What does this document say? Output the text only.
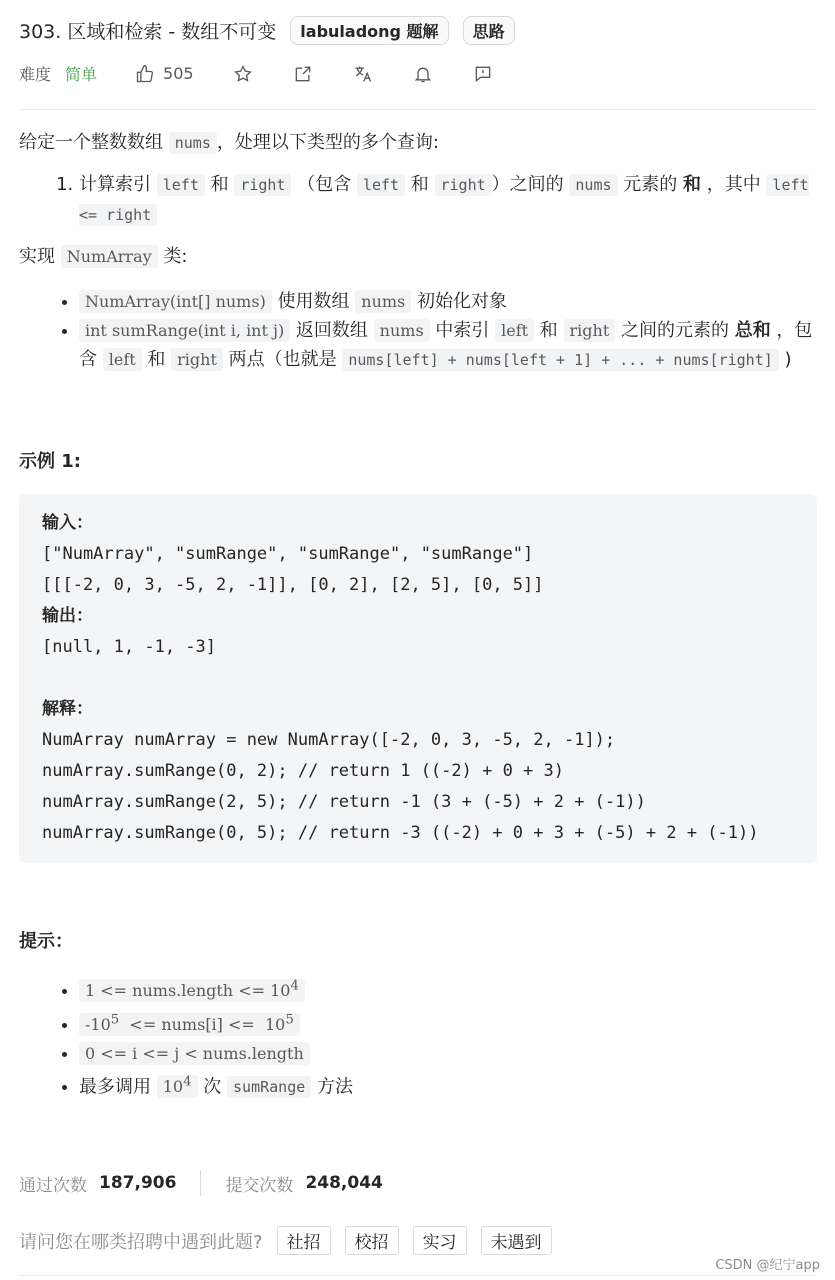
303. 区域和检索 - 数组不可变	labuladong 题解	思路
难度 简单	505

给定一个整数数组 nums ，处理以下类型的多个查询:

1. 计算索引 left 和 right （包含 left 和 right ）之间的 nums 元素的 和 ，其中 left <= right

实现 NumArray 类:

• NumArray(int[] nums) 使用数组 nums 初始化对象
• int sumRange(int i, int j) 返回数组 nums 中索引 left 和 right 之间的元素的 总和 ，包含 left 和 right 两点（也就是 nums[left] + nums[left + 1] + ... + nums[right] )

示例 1:

输入：
["NumArray", "sumRange", "sumRange", "sumRange"]
[[[-2, 0, 3, -5, 2, -1]], [0, 2], [2, 5], [0, 5]]
输出：
[null, 1, -1, -3]

解释：
NumArray numArray = new NumArray([-2, 0, 3, -5, 2, -1]);
numArray.sumRange(0, 2); // return 1 ((-2) + 0 + 3)
numArray.sumRange(2, 5); // return -1 (3 + (-5) + 2 + (-1))
numArray.sumRange(0, 5); // return -3 ((-2) + 0 + 3 + (-5) + 2 + (-1))

提示：

• 1 <= nums.length <= $10^4$
• $-10^5$  <= nums[i] <=  $10^5$
• 0 <= i <= j < nums.length
• 最多调用 $10^4$ 次 sumRange 方法
通过次数 187,906	提交次数 248,044
请问您在哪类招聘中遇到此题?	社招	校招	实习	未遇到
CSDN @纪宁app
